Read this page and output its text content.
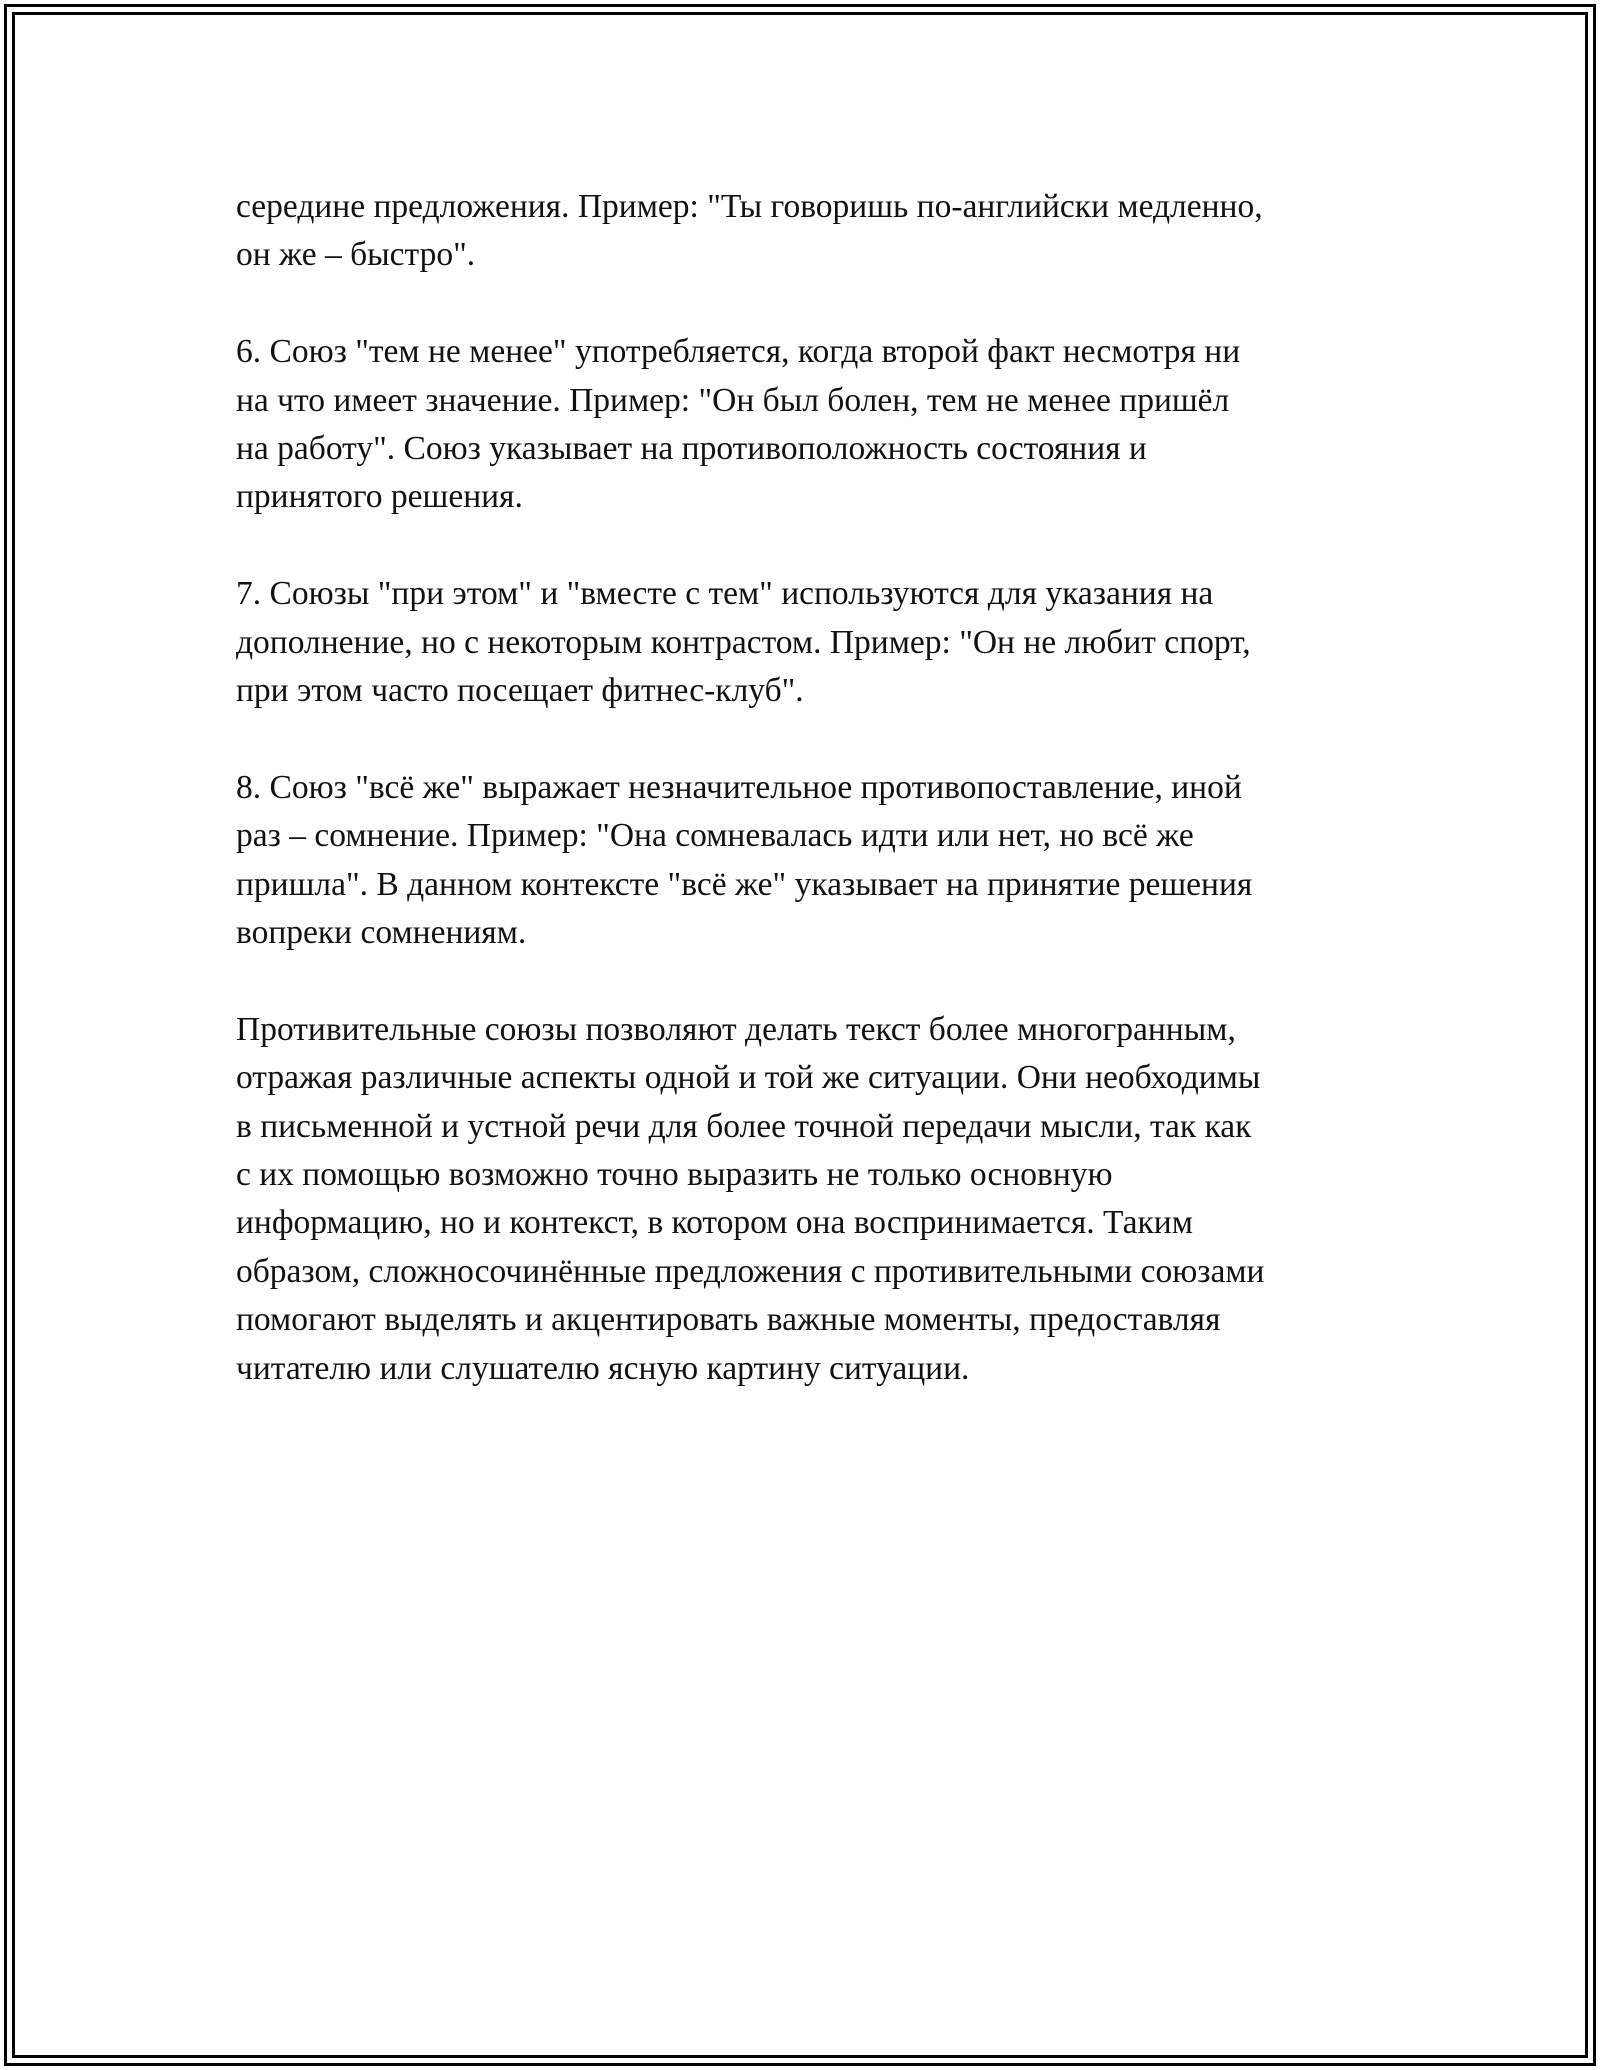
середине предложения. Пример: "Ты говоришь по-английски медленно,
он же – быстро".

6. Союз "тем не менее" употребляется, когда второй факт несмотря ни
на что имеет значение. Пример: "Он был болен, тем не менее пришёл
на работу". Союз указывает на противоположность состояния и
принятого решения.

7. Союзы "при этом" и "вместе с тем" используются для указания на
дополнение, но с некоторым контрастом. Пример: "Он не любит спорт,
при этом часто посещает фитнес-клуб".

8. Союз "всё же" выражает незначительное противопоставление, иной
раз – сомнение. Пример: "Она сомневалась идти или нет, но всё же
пришла". В данном контексте "всё же" указывает на принятие решения
вопреки сомнениям.

Противительные союзы позволяют делать текст более многогранным,
отражая различные аспекты одной и той же ситуации. Они необходимы
в письменной и устной речи для более точной передачи мысли, так как
с их помощью возможно точно выразить не только основную
информацию, но и контекст, в котором она воспринимается. Таким
образом, сложносочинённые предложения с противительными союзами
помогают выделять и акцентировать важные моменты, предоставляя
читателю или слушателю ясную картину ситуации.
